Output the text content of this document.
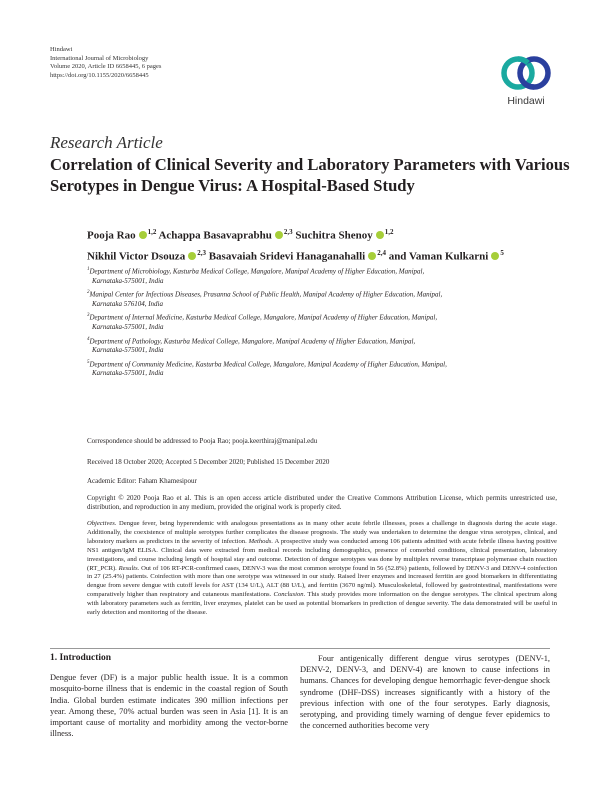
Hindawi
International Journal of Microbiology
Volume 2020, Article ID 6658445, 6 pages
https://doi.org/10.1155/2020/6658445
Hindawi
Research Article
Correlation of Clinical Severity and Laboratory Parameters with Various Serotypes in Dengue Virus: A Hospital-Based Study
Pooja Rao $^{1,2}$ Achappa Basavaprabhu $^{2,3}$ Suchitra Shenoy $^{1,2}$
Nikhil Victor Dsouza $^{2,3}$ Basavaiah Sridevi Hanaganahalli $^{2,4}$ and Vaman Kulkarni $^5$
$^1$Department of Microbiology, Kasturba Medical College, Mangalore, Manipal Academy of Higher Education, Manipal,
Karnataka-575001, India
$^2$Manipal Center for Infectious Diseases, Prasanna School of Public Health, Manipal Academy of Higher Education, Manipal,
Karnataka 576104, India
$^3$Department of Internal Medicine, Kasturba Medical College, Mangalore, Manipal Academy of Higher Education, Manipal,
Karnataka-575001, India
$^4$Department of Pathology, Kasturba Medical College, Mangalore, Manipal Academy of Higher Education, Manipal,
Karnataka-575001, India
$^5$Department of Community Medicine, Kasturba Medical College, Mangalore, Manipal Academy of Higher Education, Manipal,
Karnataka-575001, India
Correspondence should be addressed to Pooja Rao; pooja.keerthiraj@manipal.edu
Received 18 October 2020; Accepted 5 December 2020; Published 15 December 2020
Academic Editor: Faham Khamesipour
Copyright © 2020 Pooja Rao et al. This is an open access article distributed under the Creative Commons Attribution License, which permits unrestricted use, distribution, and reproduction in any medium, provided the original work is properly cited.
Objectives. Dengue fever, being hyperendemic with analogous presentations as in many other acute febrile illnesses, poses a challenge in diagnosis during the acute stage. Additionally, the coexistence of multiple serotypes further complicates the disease prognosis. The study was undertaken to determine the dengue virus serotypes, clinical, and laboratory markers as predictors in the severity of infection. Methods. A prospective study was conducted among 106 patients admitted with acute febrile illness having positive NS1 antigen/IgM ELISA. Clinical data were extracted from medical records including demographics, presence of comorbid conditions, clinical presentation, laboratory investigations, and course including length of hospital stay and outcome. Detection of dengue serotypes was done by multiplex reverse transcriptase polymerase chain reaction (RT_PCR). Results. Out of 106 RT-PCR-confirmed cases, DENV-3 was the most common serotype found in 56 (52.8%) patients, followed by DENV-3 and DENV-4 coinfection in 27 (25.4%) patients. Coinfection with more than one serotype was witnessed in our study. Raised liver enzymes and increased ferritin are good biomarkers in differentiating dengue from severe dengue with cutoff levels for AST (134 U/L), ALT (88 U/L), and ferritin (3670 ng/ml). Musculoskeletal, followed by gastrointestinal, manifestations were comparatively higher than respiratory and cutaneous manifestations. Conclusion. This study provides more information on the dengue serotypes. The clinical spectrum along with laboratory parameters such as ferritin, liver enzymes, platelet can be used as potential biomarkers in prediction of dengue severity. The data demonstrated will be useful in early detection and monitoring of the disease.
1. Introduction

Dengue fever (DF) is a major public health issue. It is a common mosquito-borne illness that is endemic in the coastal region of South India. Global burden estimate indicates 390 million infections per year. Among these, 70% actual burden was seen in Asia [1]. It is an important cause of mortality and morbidity among the vector-borne illness.

Four antigenically different dengue virus serotypes (DENV-1, DENV-2, DENV-3, and DENV-4) are known to cause infections in humans. Chances for developing dengue hemorrhagic fever-dengue shock syndrome (DHF-DSS) increases significantly with a history of the previous infection with one of the four serotypes. Early diagnosis, serotyping, and providing timely warning of dengue fever epidemics to the concerned authorities become very
